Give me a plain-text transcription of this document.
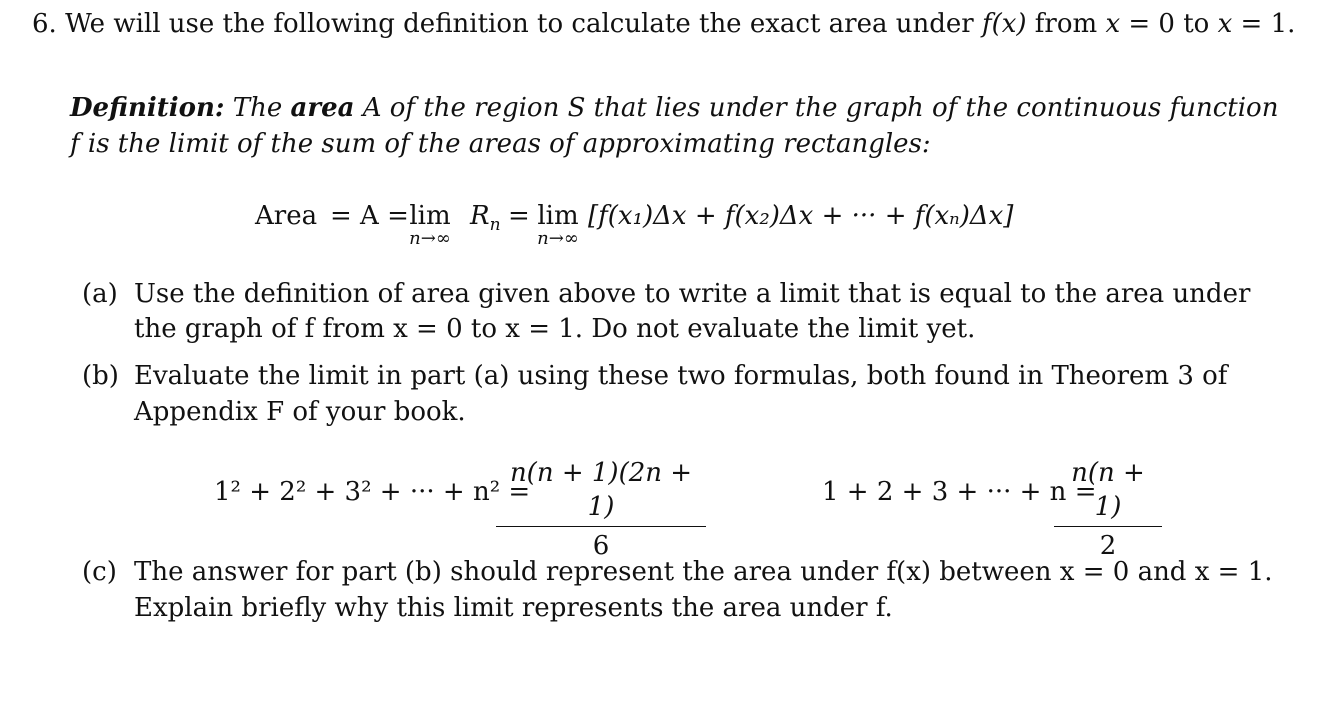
6. We will use the following definition to calculate the exact area under f(x) from x = 0 to x = 1.
Definition: The area A of the region S that lies under the graph of the continuous function
f is the limit of the sum of the areas of approximating rectangles:
Area = A = lim
n→∞
$R_n = \lim$
n→∞
[f(x₁)Δx + f(x₂)Δx + ··· + f(xₙ)Δx]
(a) Use the definition of area given above to write a limit that is equal to the area under
the graph of f from x = 0 to x = 1. Do not evaluate the limit yet.
(b) Evaluate the limit in part (a) using these two formulas, both found in Theorem 3 of
Appendix F of your book.
1² + 2² + 3² + ··· + n² =
n(n + 1)(2n + 1)
6
1 + 2 + 3 + ··· + n =
n(n + 1)
2
(c) The answer for part (b) should represent the area under f(x) between x = 0 and x = 1.
Explain briefly why this limit represents the area under f.
